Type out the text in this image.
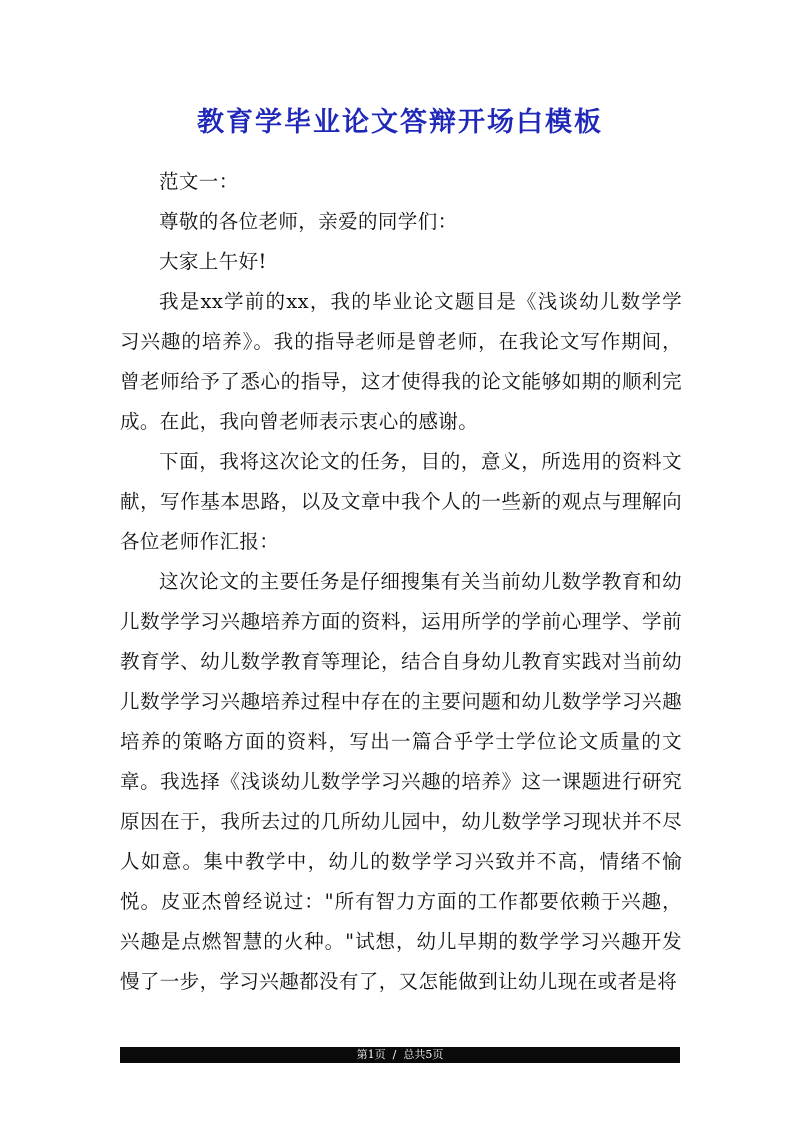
教育学毕业论文答辩开场白模板

范文一：

尊敬的各位老师，亲爱的同学们：

大家上午好!

我是xx学前的xx，我的毕业论文题目是《浅谈幼儿数学学习兴趣的培养》。我的指导老师是曾老师，在我论文写作期间，曾老师给予了悉心的指导，这才使得我的论文能够如期的顺利完成。在此，我向曾老师表示衷心的感谢。

下面，我将这次论文的任务，目的，意义，所选用的资料文献，写作基本思路，以及文章中我个人的一些新的观点与理解向各位老师作汇报：

这次论文的主要任务是仔细搜集有关当前幼儿数学教育和幼儿数学学习兴趣培养方面的资料，运用所学的学前心理学、学前教育学、幼儿数学教育等理论，结合自身幼儿教育实践对当前幼儿数学学习兴趣培养过程中存在的主要问题和幼儿数学学习兴趣培养的策略方面的资料，写出一篇合乎学士学位论文质量的文章。我选择《浅谈幼儿数学学习兴趣的培养》这一课题进行研究原因在于，我所去过的几所幼儿园中，幼儿数学学习现状并不尽人如意。集中教学中，幼儿的数学学习兴致并不高，情绪不愉悦。皮亚杰曾经说过："所有智力方面的工作都要依赖于兴趣，兴趣是点燃智慧的火种。"试想，幼儿早期的数学学习兴趣开发慢了一步，学习兴趣都没有了，又怎能做到让幼儿现在或者是将

第1页  /  总共5页
